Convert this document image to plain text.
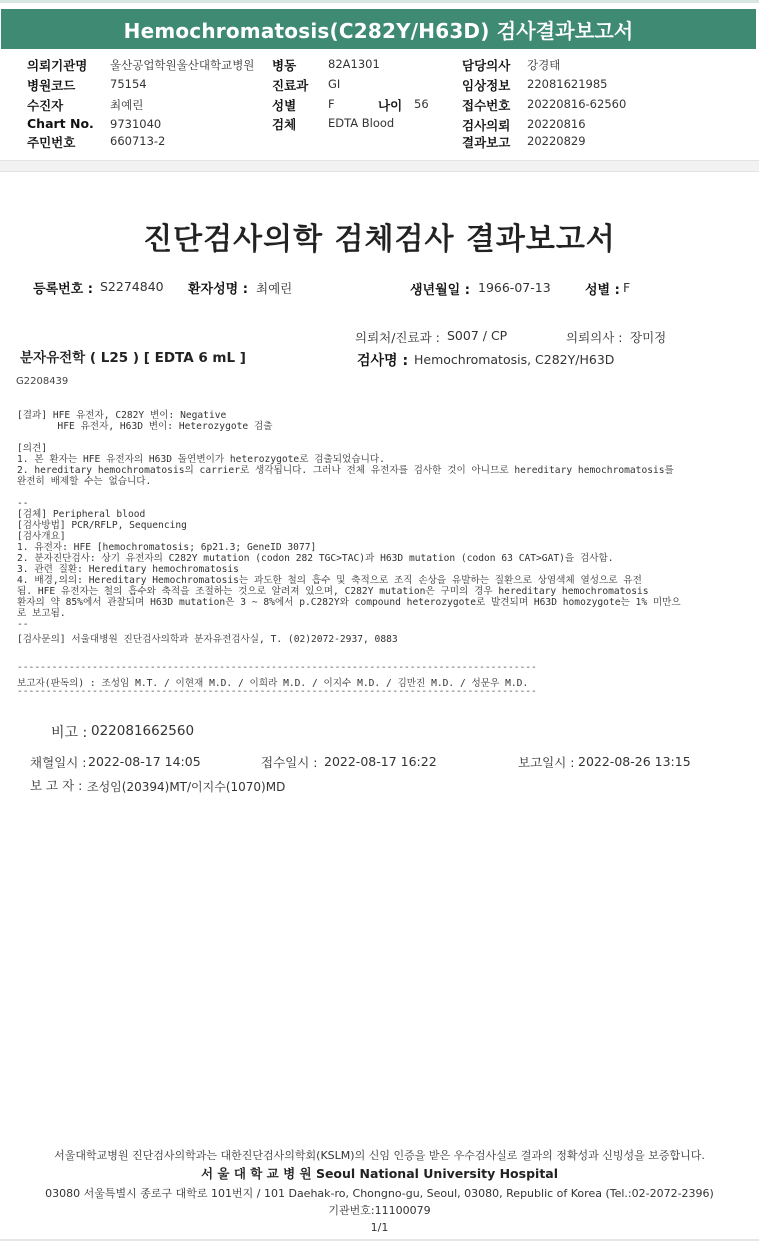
Hemochromatosis(C282Y/H63D) 검사결과보고서
의뢰기관명 울산공업학원울산대학교병원
병원코드	75154
수진자	최예린
Chart No. 9731040
주민번호	660713-2
병동	82A1301
진료과 GI
성별	F	나이 56
검체	EDTA Blood
담당의사 강경태
임상정보 22081621985
접수번호 20220816-62560
검사의뢰 20220816
결과보고 20220829
진단검사의학 검체검사 결과보고서
등록번호 : S2274840 환자성명 : 최예린	생년월일 : 1966-07-13	성별 : F
의뢰처/진료과 : S007 / CP	의뢰의사 : 장미정
분자유전학 ( L25 ) [ EDTA 6 mL ]	검사명 : Hemochromatosis, C282Y/H63D
G2208439

[결과] HFE 유전자, C282Y 변이: Negative
HFE 유전자, H63D 변이: Heterozygote 검출
[의견]
1. 본 환자는 HFE 유전자의 H63D 돌연변이가 heterozygote로 검출되었습니다.
2. hereditary hemochromatosis의 carrier로 생각됩니다. 그러나 전체 유전자를 검사한 것이 아니므로 hereditary hemochromatosis를
완전히 배제할 수는 없습니다.
--
[검체] Peripheral blood
[검사방법] PCR/RFLP, Sequencing
[검사개요]
1. 유전자: HFE [hemochromatosis; 6p21.3; GeneID 3077]
2. 분자진단검사: 상기 유전자의 C282Y mutation (codon 282 TGC>TAC)과 H63D mutation (codon 63 CAT>GAT)을 검사함.
3. 관련 질환: Hereditary hemochromatosis
4. 배경,의의: Hereditary Hemochromatosis는 과도한 철의 흡수 및 축적으로 조직 손상을 유발하는 질환으로 상염색체 열성으로 유전
됨. HFE 유전자는 철의 흡수와 축적을 조절하는 것으로 알려져 있으며, C282Y mutation은 구미의 경우 hereditary hemochromatosis
환자의 약 85%에서 관찰되며 H63D mutation은 3 ~ 8%에서 p.C282Y와 compound heterozygote로 발견되며 H63D homozygote는 1% 미만으
로 보고됨.
--
[검사문의] 서울대병원 진단검사의학과 분자유전검사실, T. (02)2072-2937, 0883

------------------------------------------------------------------------------------------
보고자(판독의) : 조성임 M.T. / 이현재 M.D. / 이희라 M.D. / 이지수 M.D. / 김만진 M.D. / 성문우 M.D.
------------------------------------------------------------------------------------------
비고 : 022081662560
채혈일시 : 2022-08-17 14:05	접수일시 : 2022-08-17 16:22	보고일시 : 2022-08-26 13:15
보 고 자 : 조성임(20394)MT/이지수(1070)MD
서울대학교병원 진단검사의학과는 대한진단검사의학회(KSLM)의 신임 인증을 받은 우수검사실로 결과의 정확성과 신빙성을 보증합니다.
서 울 대 학 교 병 원 Seoul National University Hospital
03080 서울특별시 종로구 대학로 101번지 / 101 Daehak-ro, Chongno-gu, Seoul, 03080, Republic of Korea (Tel.:02-2072-2396)
기관번호:11100079
1/1
